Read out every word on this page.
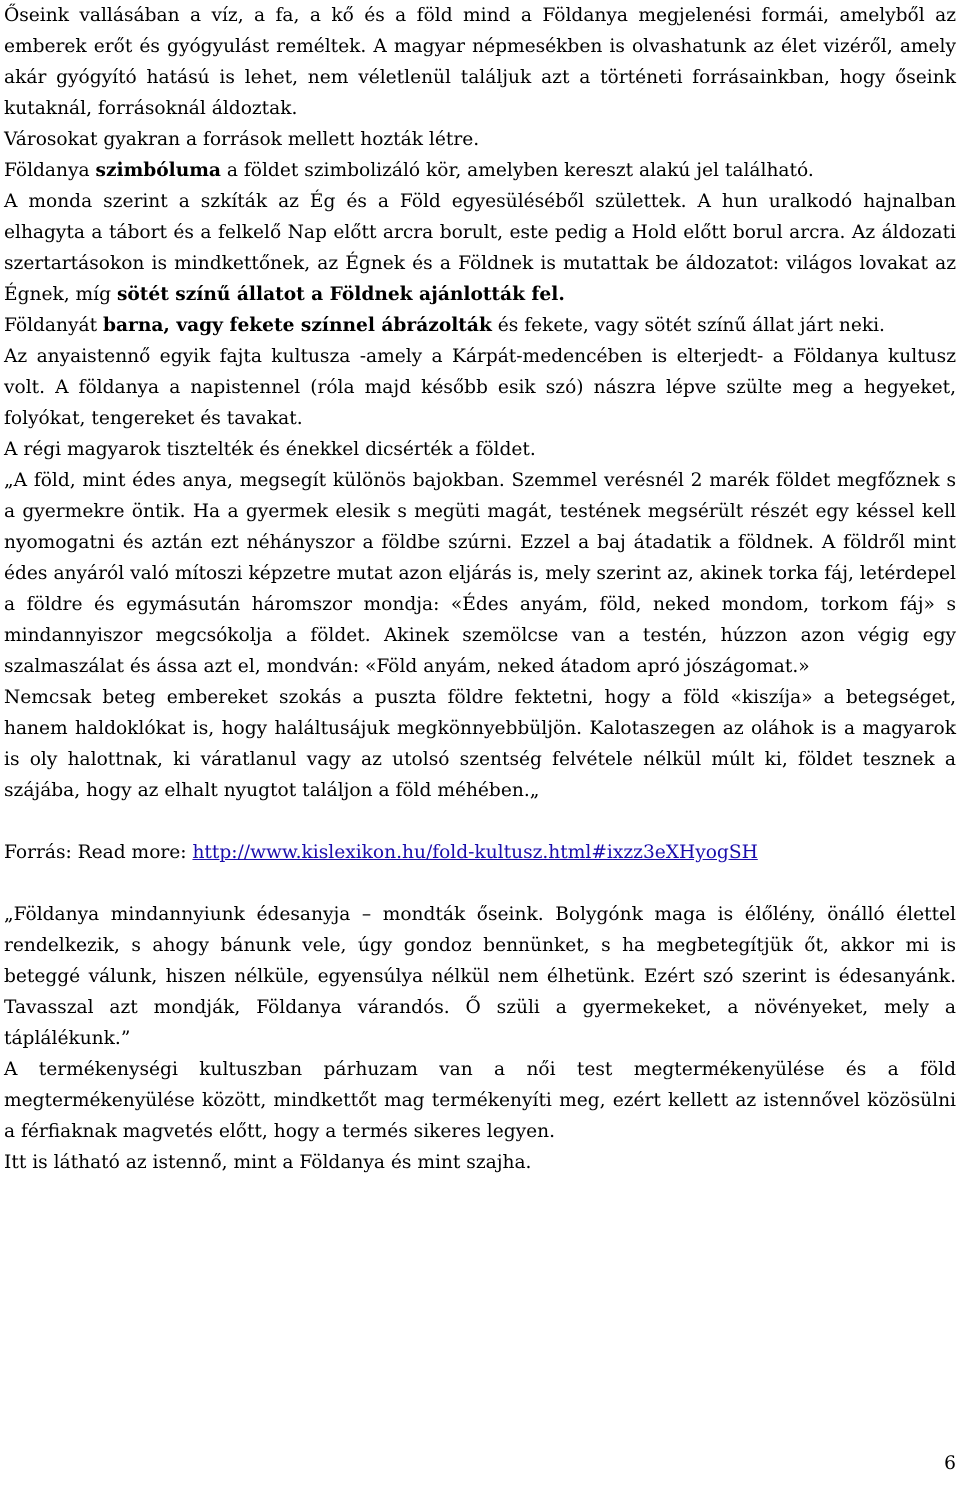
Őseink vallásában a víz, a fa, a kő és a föld mind a Földanya megjelenési formái, amelyből az emberek erőt és gyógyulást reméltek. A magyar népmesékben is olvashatunk az élet vizéről, amely akár gyógyító hatású is lehet, nem véletlenül találjuk azt a történeti forrásainkban, hogy őseink kutaknál, forrásoknál áldoztak.

Városokat gyakran a források mellett hozták létre.

Földanya szimbóluma a földet szimbolizáló kör, amelyben kereszt alakú jel található.

A monda szerint a szkíták az Ég és a Föld egyesüléséből születtek. A hun uralkodó hajnalban elhagyta a tábort és a felkelő Nap előtt arcra borult, este pedig a Hold előtt borul arcra. Az áldozati szertartásokon is mindkettőnek, az Égnek és a Földnek is mutattak be áldozatot: világos lovakat az Égnek, míg sötét színű állatot a Földnek ajánlották fel.

Földanyát barna, vagy fekete színnel ábrázolták és fekete, vagy sötét színű állat járt neki.

Az anyaistennő egyik fajta kultusza -amely a Kárpát-medencében is elterjedt- a Földanya kultusz volt. A földanya a napistennel (róla majd később esik szó) nászra lépve szülte meg a hegyeket, folyókat, tengereket és tavakat.

A régi magyarok tisztelték és énekkel dicsérték a földet.

„A föld, mint édes anya, megsegít különös bajokban. Szemmel verésnél 2 marék földet megfőznek s a gyermekre öntik. Ha a gyermek elesik s megüti magát, testének megsérült részét egy késsel kell nyomogatni és aztán ezt néhányszor a földbe szúrni. Ezzel a baj átadatik a földnek. A földről mint édes anyáról való mítoszi képzetre mutat azon eljárás is, mely szerint az, akinek torka fáj, letérdepel a földre és egymásután háromszor mondja: «Édes anyám, föld, neked mondom, torkom fáj» s mindannyiszor megcsókolja a földet. Akinek szemölcse van a testén, húzzon azon végig egy szalmaszálat és ássa azt el, mondván: «Föld anyám, neked átadom apró jószágomat.»

Nemcsak beteg embereket szokás a puszta földre fektetni, hogy a föld «kiszíja» a betegséget, hanem haldoklókat is, hogy haláltusájuk megkönnyebbüljön. Kalotaszegen az oláhok is a magyarok is oly halottnak, ki váratlanul vagy az utolsó szentség felvétele nélkül múlt ki, földet tesznek a szájába, hogy az elhalt nyugtot találjon a föld méhében.„

Forrás: Read more: http://www.kislexikon.hu/fold-kultusz.html#ixzz3eXHyogSH

„Földanya mindannyiunk édesanyja – mondták őseink. Bolygónk maga is élőlény, önálló élettel rendelkezik, s ahogy bánunk vele, úgy gondoz bennünket, s ha megbetegítjük őt, akkor mi is beteggé válunk, hiszen nélküle, egyensúlya nélkül nem élhetünk. Ezért szó szerint is édesanyánk. Tavasszal azt mondják, Földanya várandós. Ő szüli a gyermekeket, a növényeket, mely a táplálékunk.”

A termékenységi kultuszban párhuzam van a női test megtermékenyülése és a föld megtermékenyülése között, mindkettőt mag termékenyíti meg, ezért kellett az istennővel közösülni a férfiaknak magvetés előtt, hogy a termés sikeres legyen.

Itt is látható az istennő, mint a Földanya és mint szajha.

6
